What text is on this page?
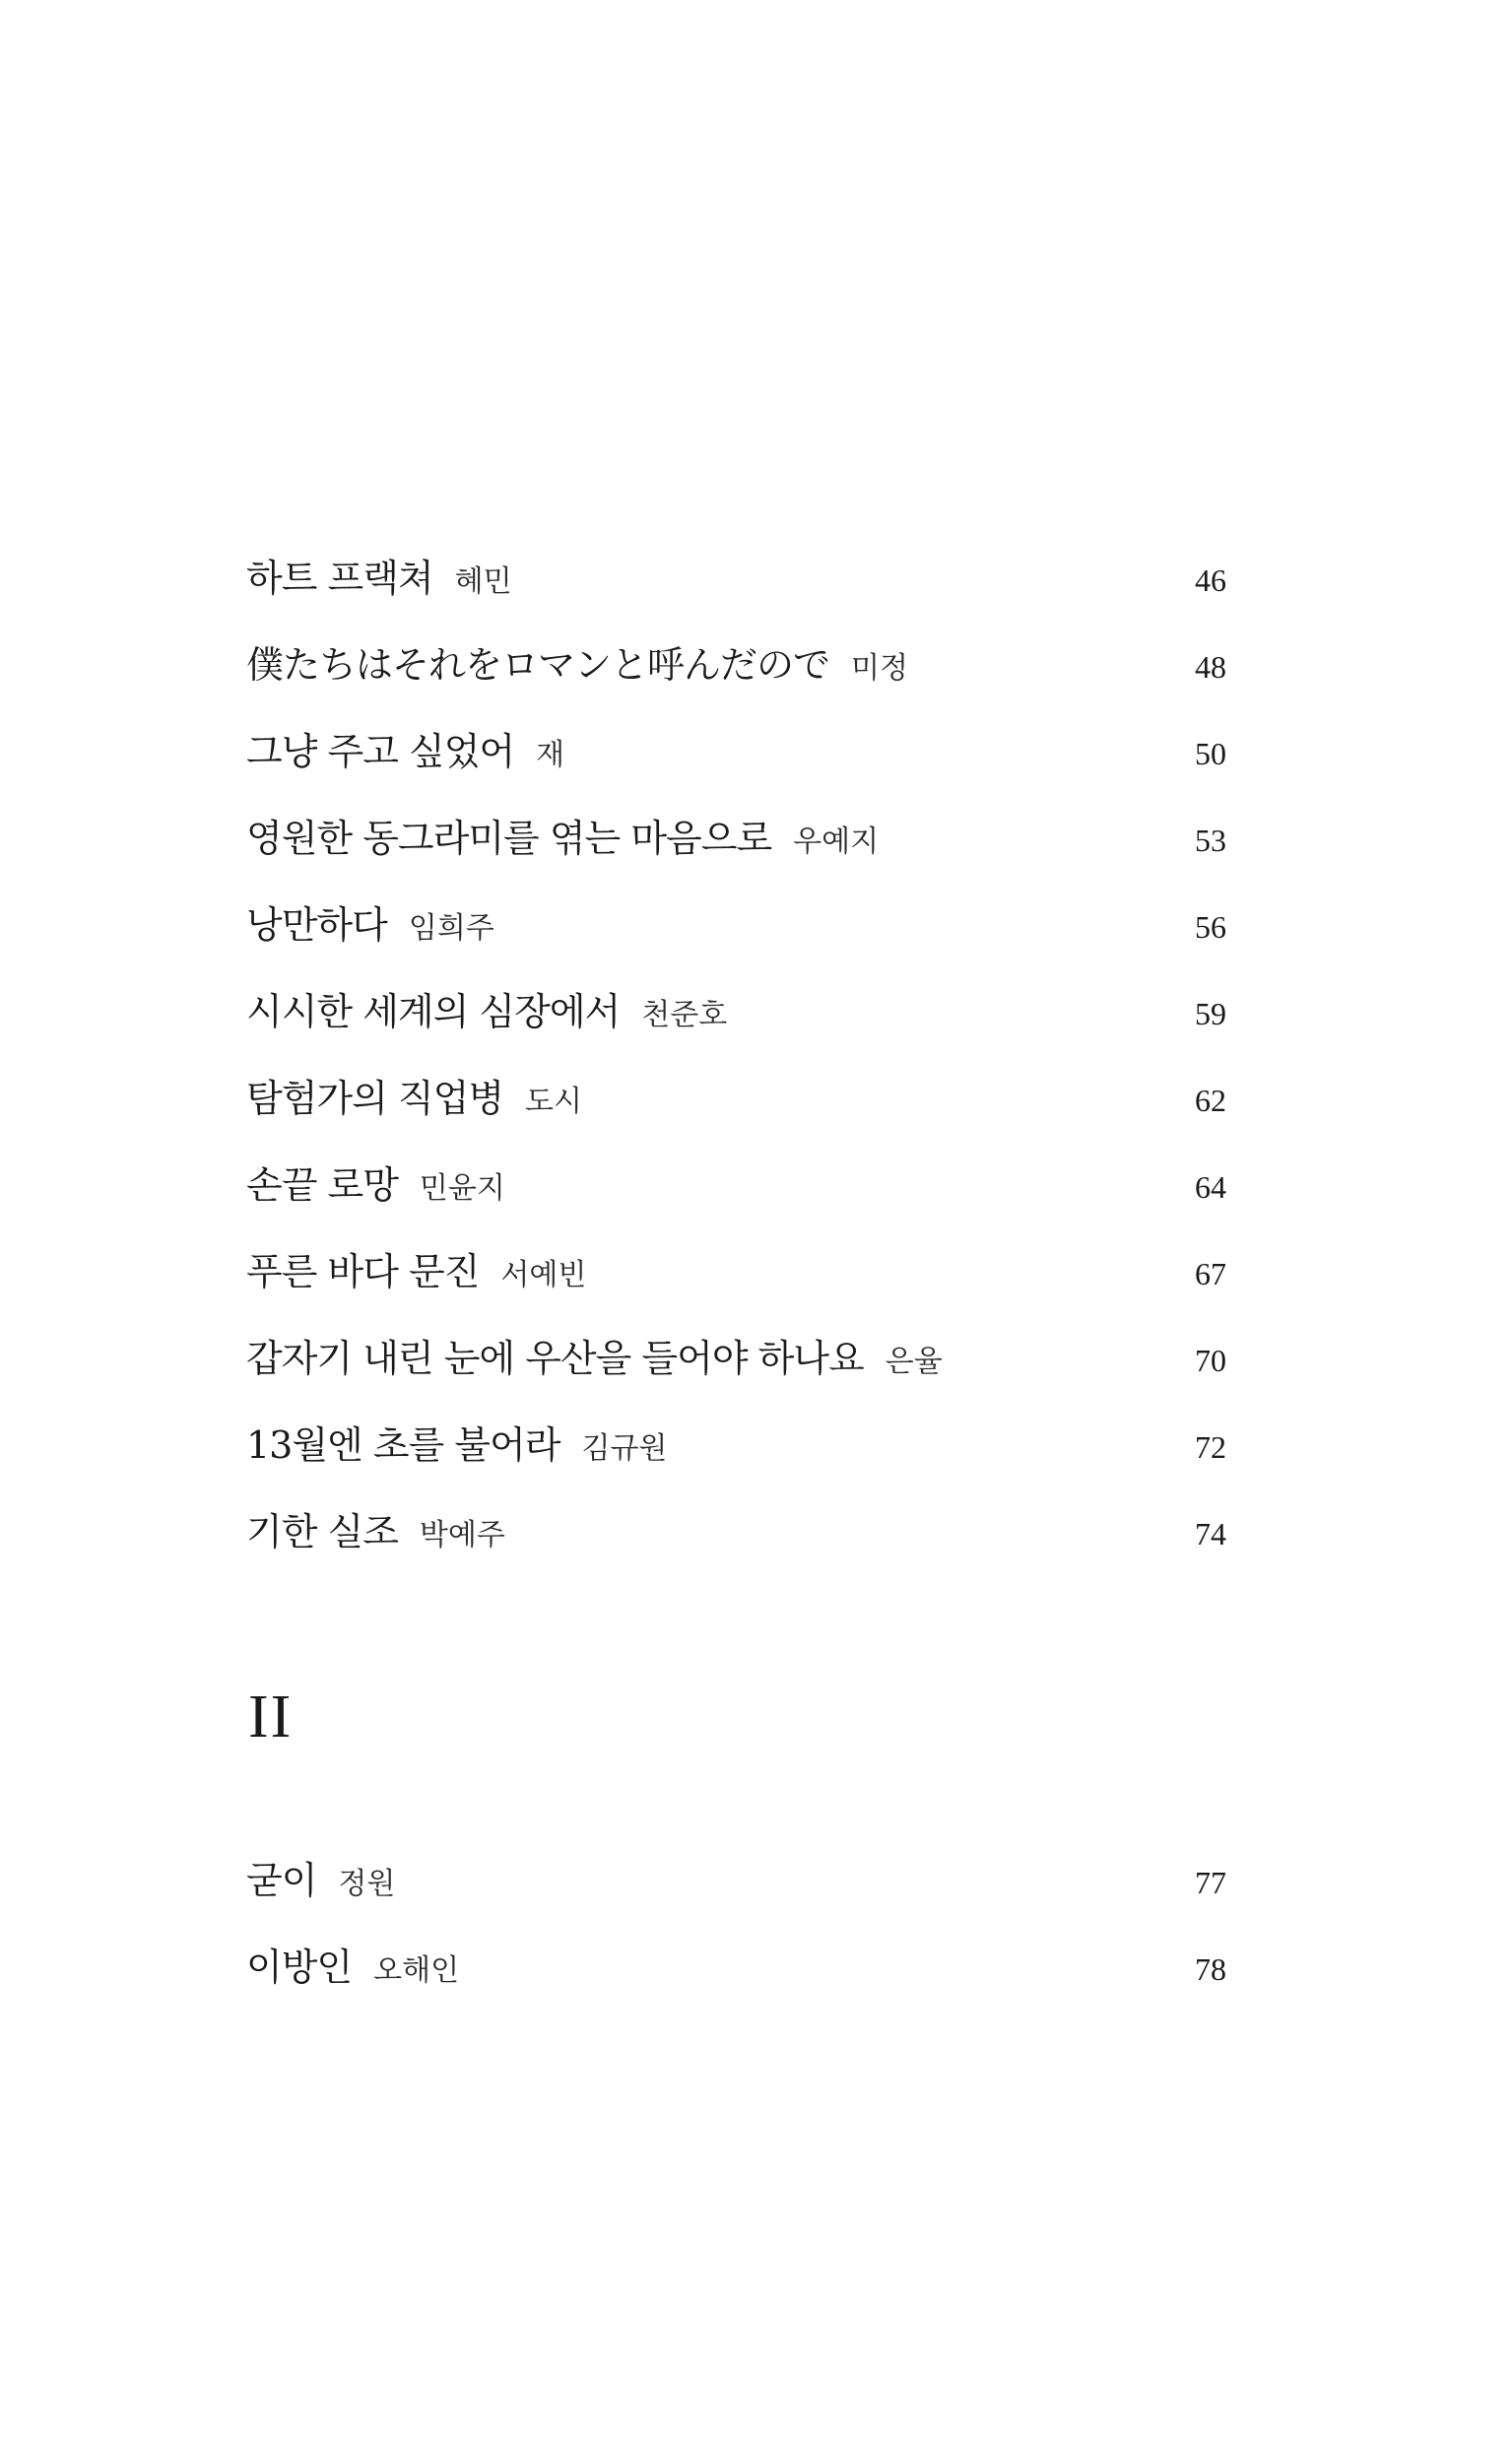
하트 프랙쳐 혜민	46
僕たちはそれをロマンと呼んだので 미정	48
그냥 주고 싶었어 재	50
영원한 동그라미를 엮는 마음으로 우예지	53
낭만하다 임희주	56
시시한 세계의 심장에서 천준호	59
탐험가의 직업병 도시	62
손끝 로망 민윤지	64
푸른 바다 문진 서예빈	67
갑자기 내린 눈에 우산을 들어야 하나요 은율	70
13월엔 초를 불어라 김규원	72
기한 실조 박예주	74
II
굳이 정원	77
이방인 오해인	78
